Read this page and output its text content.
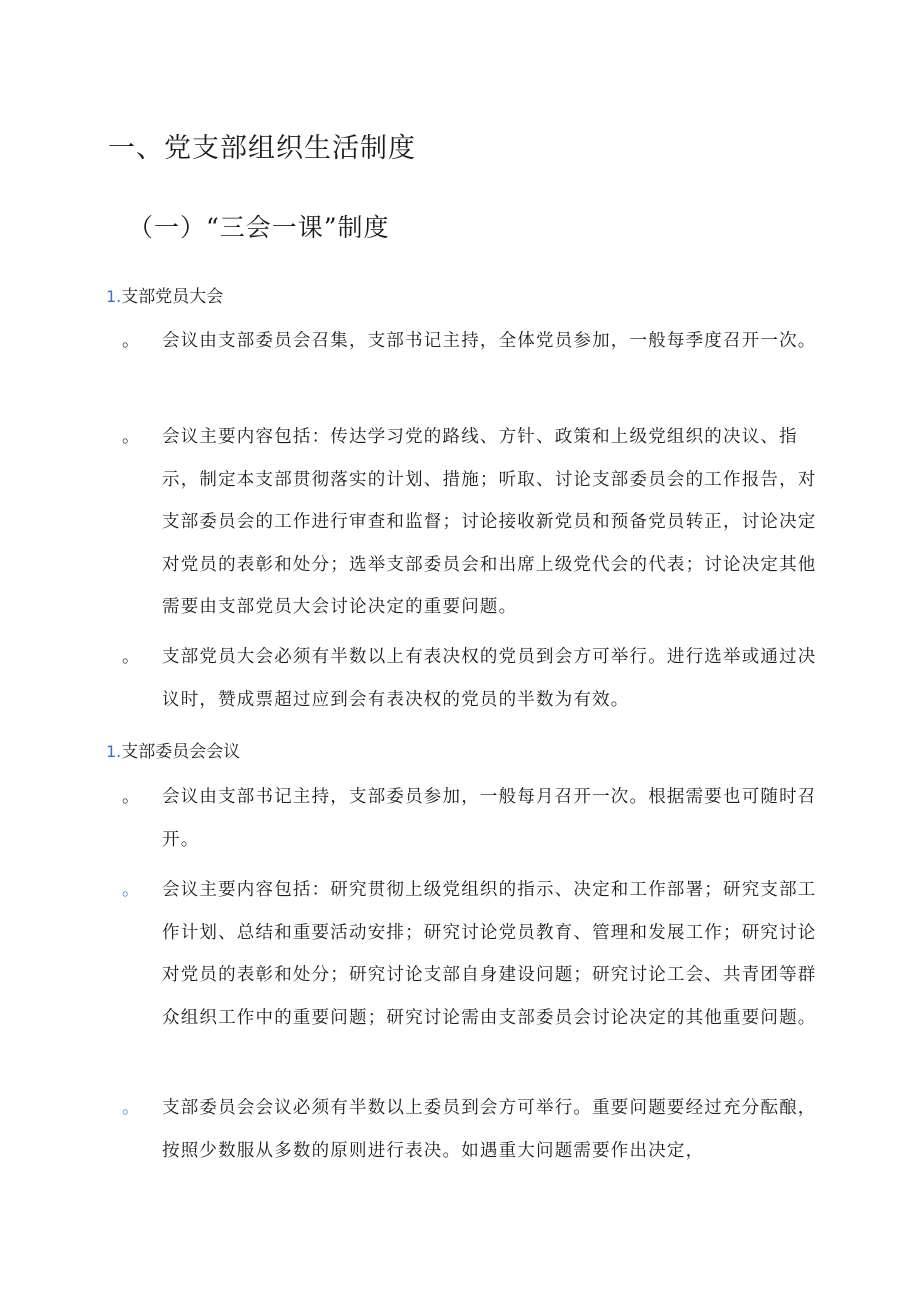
一、党支部组织生活制度
（一）“三会一课”制度
1.支部党员大会
。 会议由支部委员会召集，支部书记主持，全体党员参加，一般每季度召开一次。
。 会议主要内容包括：传达学习党的路线、方针、政策和上级党组织的决议、指示，制定本支部贯彻落实的计划、措施；听取、讨论支部委员会的工作报告，对支部委员会的工作进行审查和监督；讨论接收新党员和预备党员转正，讨论决定对党员的表彰和处分；选举支部委员会和出席上级党代会的代表；讨论决定其他需要由支部党员大会讨论决定的重要问题。
。 支部党员大会必须有半数以上有表决权的党员到会方可举行。进行选举或通过决议时，赞成票超过应到会有表决权的党员的半数为有效。
1.支部委员会会议
。 会议由支部书记主持，支部委员参加，一般每月召开一次。根据需要也可随时召开。
。 会议主要内容包括：研究贯彻上级党组织的指示、决定和工作部署；研究支部工作计划、总结和重要活动安排；研究讨论党员教育、管理和发展工作；研究讨论对党员的表彰和处分；研究讨论支部自身建设问题；研究讨论工会、共青团等群众组织工作中的重要问题；研究讨论需由支部委员会讨论决定的其他重要问题。
。 支部委员会会议必须有半数以上委员到会方可举行。重要问题要经过充分酝酿，按照少数服从多数的原则进行表决。如遇重大问题需要作出决定，
